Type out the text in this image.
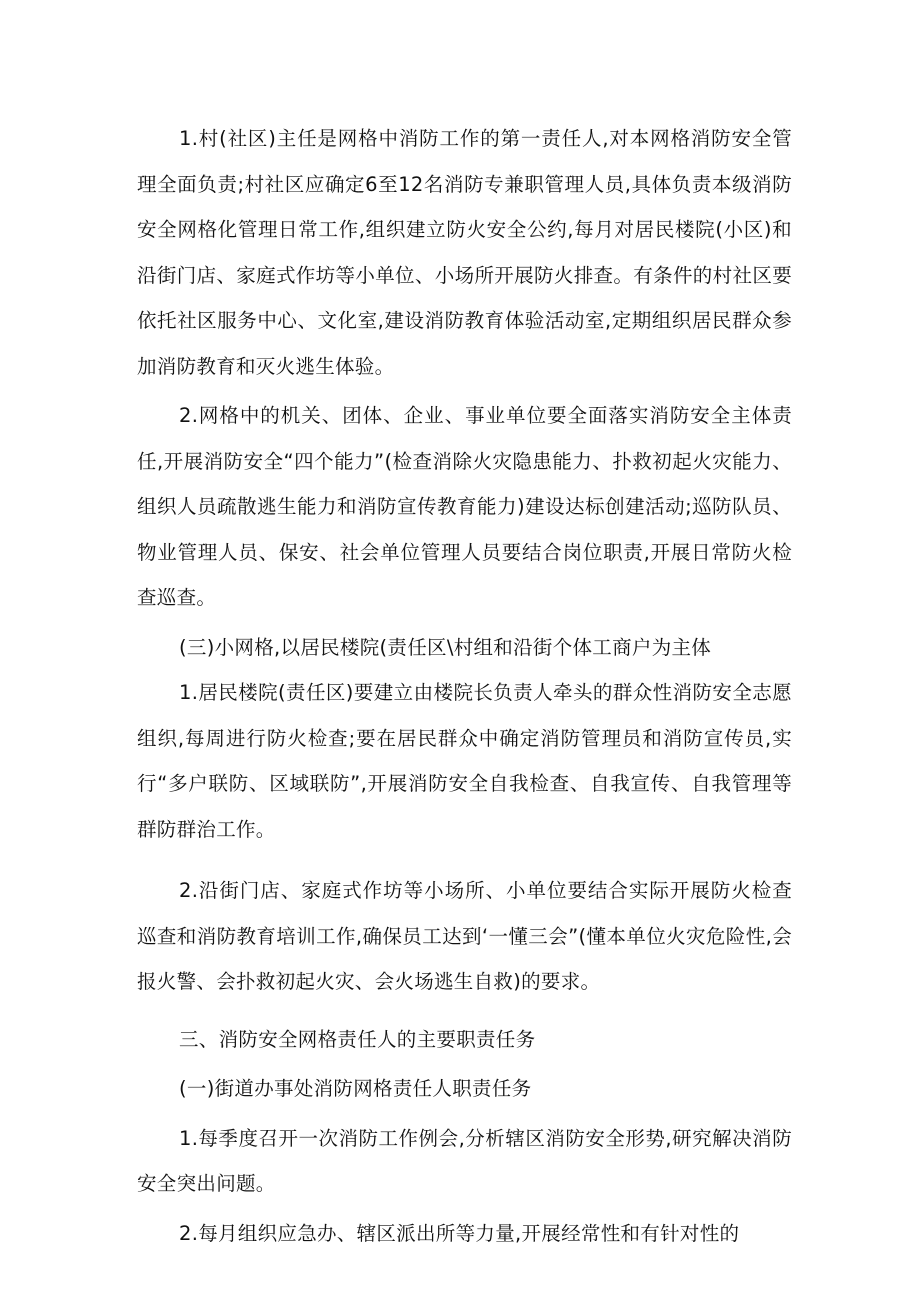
1.村(社区)主任是网格中消防工作的第一责任人,对本网格消防安全管理全面负责;村社区应确定6至12名消防专兼职管理人员,具体负责本级消防安全网格化管理日常工作,组织建立防火安全公约,每月对居民楼院(小区)和沿街门店、家庭式作坊等小单位、小场所开展防火排查。有条件的村社区要依托社区服务中心、文化室,建设消防教育体验活动室,定期组织居民群众参加消防教育和灭火逃生体验。

2.网格中的机关、团体、企业、事业单位要全面落实消防安全主体责任,开展消防安全“四个能力”(检查消除火灾隐患能力、扑救初起火灾能力、组织人员疏散逃生能力和消防宣传教育能力)建设达标创建活动;巡防队员、物业管理人员、保安、社会单位管理人员要结合岗位职责,开展日常防火检查巡查。

(三)小网格,以居民楼院(责任区\村组和沿街个体工商户为主体

1.居民楼院(责任区)要建立由楼院长负责人牵头的群众性消防安全志愿组织,每周进行防火检查;要在居民群众中确定消防管理员和消防宣传员,实行“多户联防、区域联防”,开展消防安全自我检查、自我宣传、自我管理等群防群治工作。

2.沿街门店、家庭式作坊等小场所、小单位要结合实际开展防火检查巡查和消防教育培训工作,确保员工达到‘一懂三会”(懂本单位火灾危险性,会报火警、会扑救初起火灾、会火场逃生自救)的要求。

三、消防安全网格责任人的主要职责任务

(一)街道办事处消防网格责任人职责任务

1.每季度召开一次消防工作例会,分析辖区消防安全形势,研究解决消防安全突出问题。

2.每月组织应急办、辖区派出所等力量,开展经常性和有针对性的
